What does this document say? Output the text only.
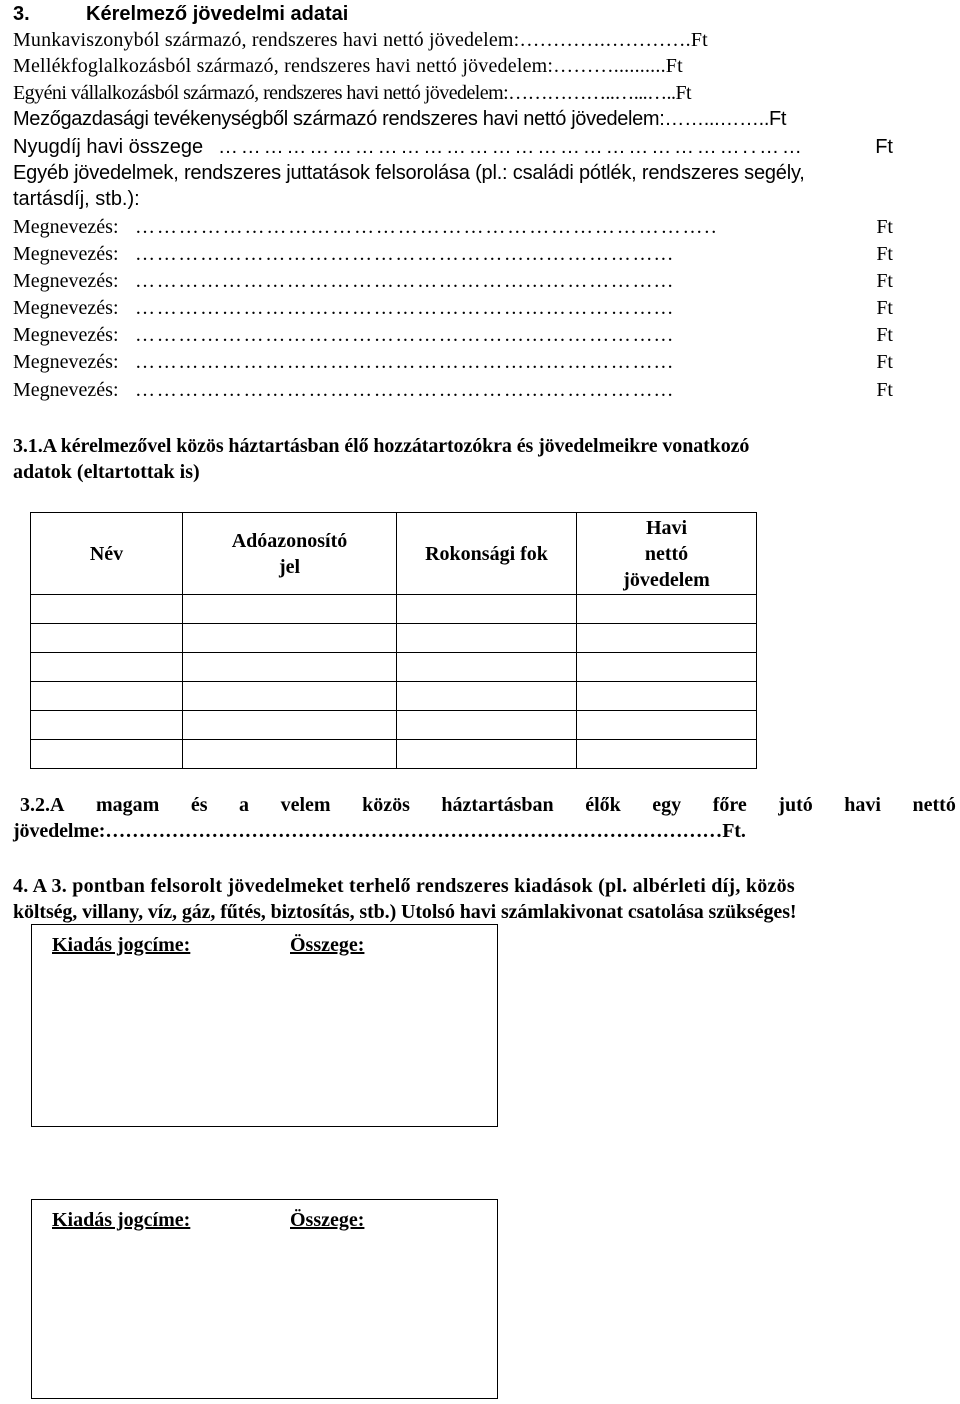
3.	Kérelmező jövedelmi adatai
Munkaviszonyból származó, rendszeres havi nettó jövedelem:………….………….Ft
Mellékfoglalkozásból származó, rendszeres havi nettó jövedelem:………..........Ft
Egyéni vállalkozásból származó, rendszeres havi nettó jövedelem:……………..…...…..Ft
Mezőgazdasági tevékenységből származó rendszeres havi nettó jövedelem:……...……..Ft
Nyugdíj havi összege ……………………………………………………………..……	Ft
Egyéb jövedelmek, rendszeres juttatások felsorolása (pl.: családi pótlék, rendszeres segély,
tartásdíj, stb.):
Megnevezés: ……………………………………………………………………..	Ft
Megnevezés: ………………………………………………...……………...	Ft
Megnevezés: ………………………………………………...……………...	Ft
Megnevezés: ………………………………………………...……………...	Ft
Megnevezés: ………………………………………………...……………...	Ft
Megnevezés: ………………………………………………...……………...	Ft
Megnevezés: ………………………………………………...……………...	Ft
3.1.A kérelmezővel közös háztartásban élő hozzátartozókra és jövedelmeikre vonatkozó
adatok (eltartottak is)
Név	Adóazonosító jel	Rokonsági fok	Havi nettó jövedelem

3.2.A magam és a velem közös háztartásban élők egy főre jutó havi nettó
jövedelme:…………………………………………………………………………………Ft.
4. A 3. pontban felsorolt jövedelmeket terhelő rendszeres kiadások (pl. albérleti díj, közös
költség, villany, víz, gáz, fűtés, biztosítás, stb.) Utolsó havi számlakivonat csatolása szükséges!
Kiadás jogcíme:	Összege:
Kiadás jogcíme:	Összege:
